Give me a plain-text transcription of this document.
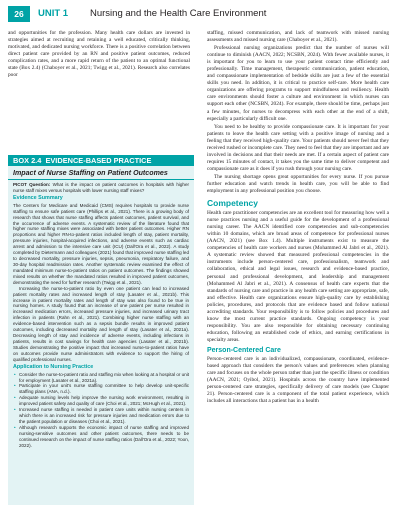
26	UNIT 1 Nursing and the Health Care Environment

and opportunities for the profession. Many health care dollars are invested in strategies aimed at recruiting and retaining a well educated, critically thinking, motivated, and dedicated nursing workforce. There is a positive correlation between direct patient care provided by an RN and positive patient outcomes, reduced complication rates, and a more rapid return of the patient to an optimal functional state (Box 2.4) (Chaboyer et al., 2021; Twigg et al., 2021). Research also correlates poor

BOX 2.4 EVIDENCE-BASED PRACTICE
Impact of Nurse Staffing on Patient Outcomes

PICOT Question: What is the impact on patient outcomes in hospitals with higher nurse staff mixes versus hospitals with lower nursing staff mixes?

Evidence Summary

The Centers for Medicare and Medicaid (CMS) requires hospitals to provide nurse staffing to ensure safe patient care (Phillips et al., 2021). There is a growing body of research that shows that nurse staffing affects patient outcomes, patient survival, and the occurrence of adverse events. A systematic review of the literature found that higher nurse staffing mixes were associated with better patient outcomes. Higher RN proportions and higher RN-to-patient ratios included length of stay, patient mortality, pressure injuries, hospital-acquired infections, and adverse events such as cardiac arrest and admission to the intensive care unit (ICU) (Dall'Ora et al., 2022). A study completed by Dietermann and colleagues (2021) found that improved nurse staffing led to decreased mortality, pressure injuries, sepsis, pneumonia, respiratory failure, and 30-day hospital readmission rates. Another systematic review examined the effect of mandated minimum nurse-to-patient ratios on patient outcomes. The findings showed mixed results on whether the mandated ratios resulted in improved patient outcomes, demonstrating the need for further research (Twigg et al., 2021).

Increasing the nurse-to-patient ratio by even one patient can lead to increased patient mortality rates and increased length of stay (Lasater et al., 2021b). This increase in patient mortality rates and length of stay was also found to be true in nursing homes. A study found that an increase of one patient per nurse resulted in increased medication errors, increased pressure injuries, and increased urinary tract infection in patients (Rahn et al., 2021). Combining higher nurse staffing with an evidence-based intervention such as a sepsis bundle results in improved patient outcomes, including decreased mortality and length of stay (Lasater et al., 2021a). Decreasing length of stay and incidence of adverse events, including infections in patients, results in cost savings for health care agencies (Lasater et al., 2021b). Studies demonstrating the positive impact that increased nurse-to-patient ratios have on outcomes provide nurse administrators with evidence to support the hiring of qualified professional nurses.

Application to Nursing Practice
• Consider the nurse-to-patient ratio and staffing mix when looking at a hospital or unit for employment (Lasater et al., 2021a).
• Participate in your unit's nurse staffing committee to help develop unit-specific staffing plans (ANA, n.d.).
• Adequate nursing levels help improve the nursing work environment, resulting in improved patient safety and quality of care (Choi et al., 2021; McHugh et al., 2021).
• Increased nurse staffing is needed in patient care units within nursing centers in which there is an increased risk for pressure injuries and medication errors due to the patient population or diseases (Choi et al., 2021).
• Although research supports the economic impact of nurse staffing and improved nursing-sensitive outcomes and other patient outcomes, there needs to be continued research on the impact of nurse staffing ratios (Dall'Ora et al., 2022; Yoon, 2022).

staffing, missed communication, and lack of teamwork with missed nursing assessments and missed nursing care (Chaboyer et al., 2021).

Professional nursing organizations predict that the number of nurses will continue to diminish (AACN, 2022; NCSBN, 2024). With fewer available nurses, it is important for you to learn to use your patient contact time efficiently and professionally. Time management, therapeutic communication, patient education, and compassionate implementation of bedside skills are just a few of the essential skills you need. In addition, it is critical to practice self-care. More health care organizations are offering programs to support mindfulness and resiliency. Health care environments should foster a culture and environment in which nurses can support each other (NCSBN, 2024). For example, there should be time, perhaps just a few minutes, for nurses to decompress with each other at the end of a shift, especially a particularly difficult one.

You need to be healthy to provide compassionate care. It is important for your patients to leave the health care setting with a positive image of nursing and a feeling that they received high-quality care. Your patients should never feel that they received rushed or incomplete care. They need to feel that they are important and are involved in decisions and that their needs are met. If a certain aspect of patient care requires 15 minutes of contact, it takes you the same time to deliver competent and compassionate care as it does if you rush through your nursing care.

The nursing shortage opens great opportunities for every nurse. If you pursue further education and watch trends in health care, you will be able to find employment in any professional position you choose.

Competency

Health care practitioner competencies are an excellent tool for measuring how well a nurse practices nursing and a useful guide for the development of a professional nursing career. The AACN identified core competencies and sub-competencies within 10 domains, which are broad areas of competence for professional nurses (AACN, 2021) (see Box 1.4). Multiple instruments exist to measure the competencies of health care workers and nurses (Mohammed Al Jabri et al., 2021). A systematic review showed that measured professional competencies in the instruments include person-centered care, professionalism, teamwork and collaboration, ethical and legal issues, research and evidence-based practice, personal and professional development, and leadership and management (Mohammed Al Jabri et al., 2021). A consensus of health care experts that the standards of nursing care and practice in any health care setting are appropriate, safe, and effective. Health care organizations ensure high-quality care by establishing policies, procedures, and protocols that are evidence based and follow national accrediting standards. Your responsibility is to follow policies and procedures and know the most current practice standards. Ongoing competency is your responsibility. You are also responsible for obtaining necessary continuing education, following an established code of ethics, and earning certifications in specialty areas.

Person-Centered Care

Person-centered care is an individualized, compassionate, coordinated, evidence-based approach that considers the person's values and preferences when planning care and focuses on the whole person rather than just the specific illness or condition (AACN, 2021; Oyibol, 2021). Hospitals across the country have implemented person-centered care strategies, specifically delivery of care models (see Chapter 21). Person-centered care is a component of the total patient experience, which includes all interactions that a patient has in a health
